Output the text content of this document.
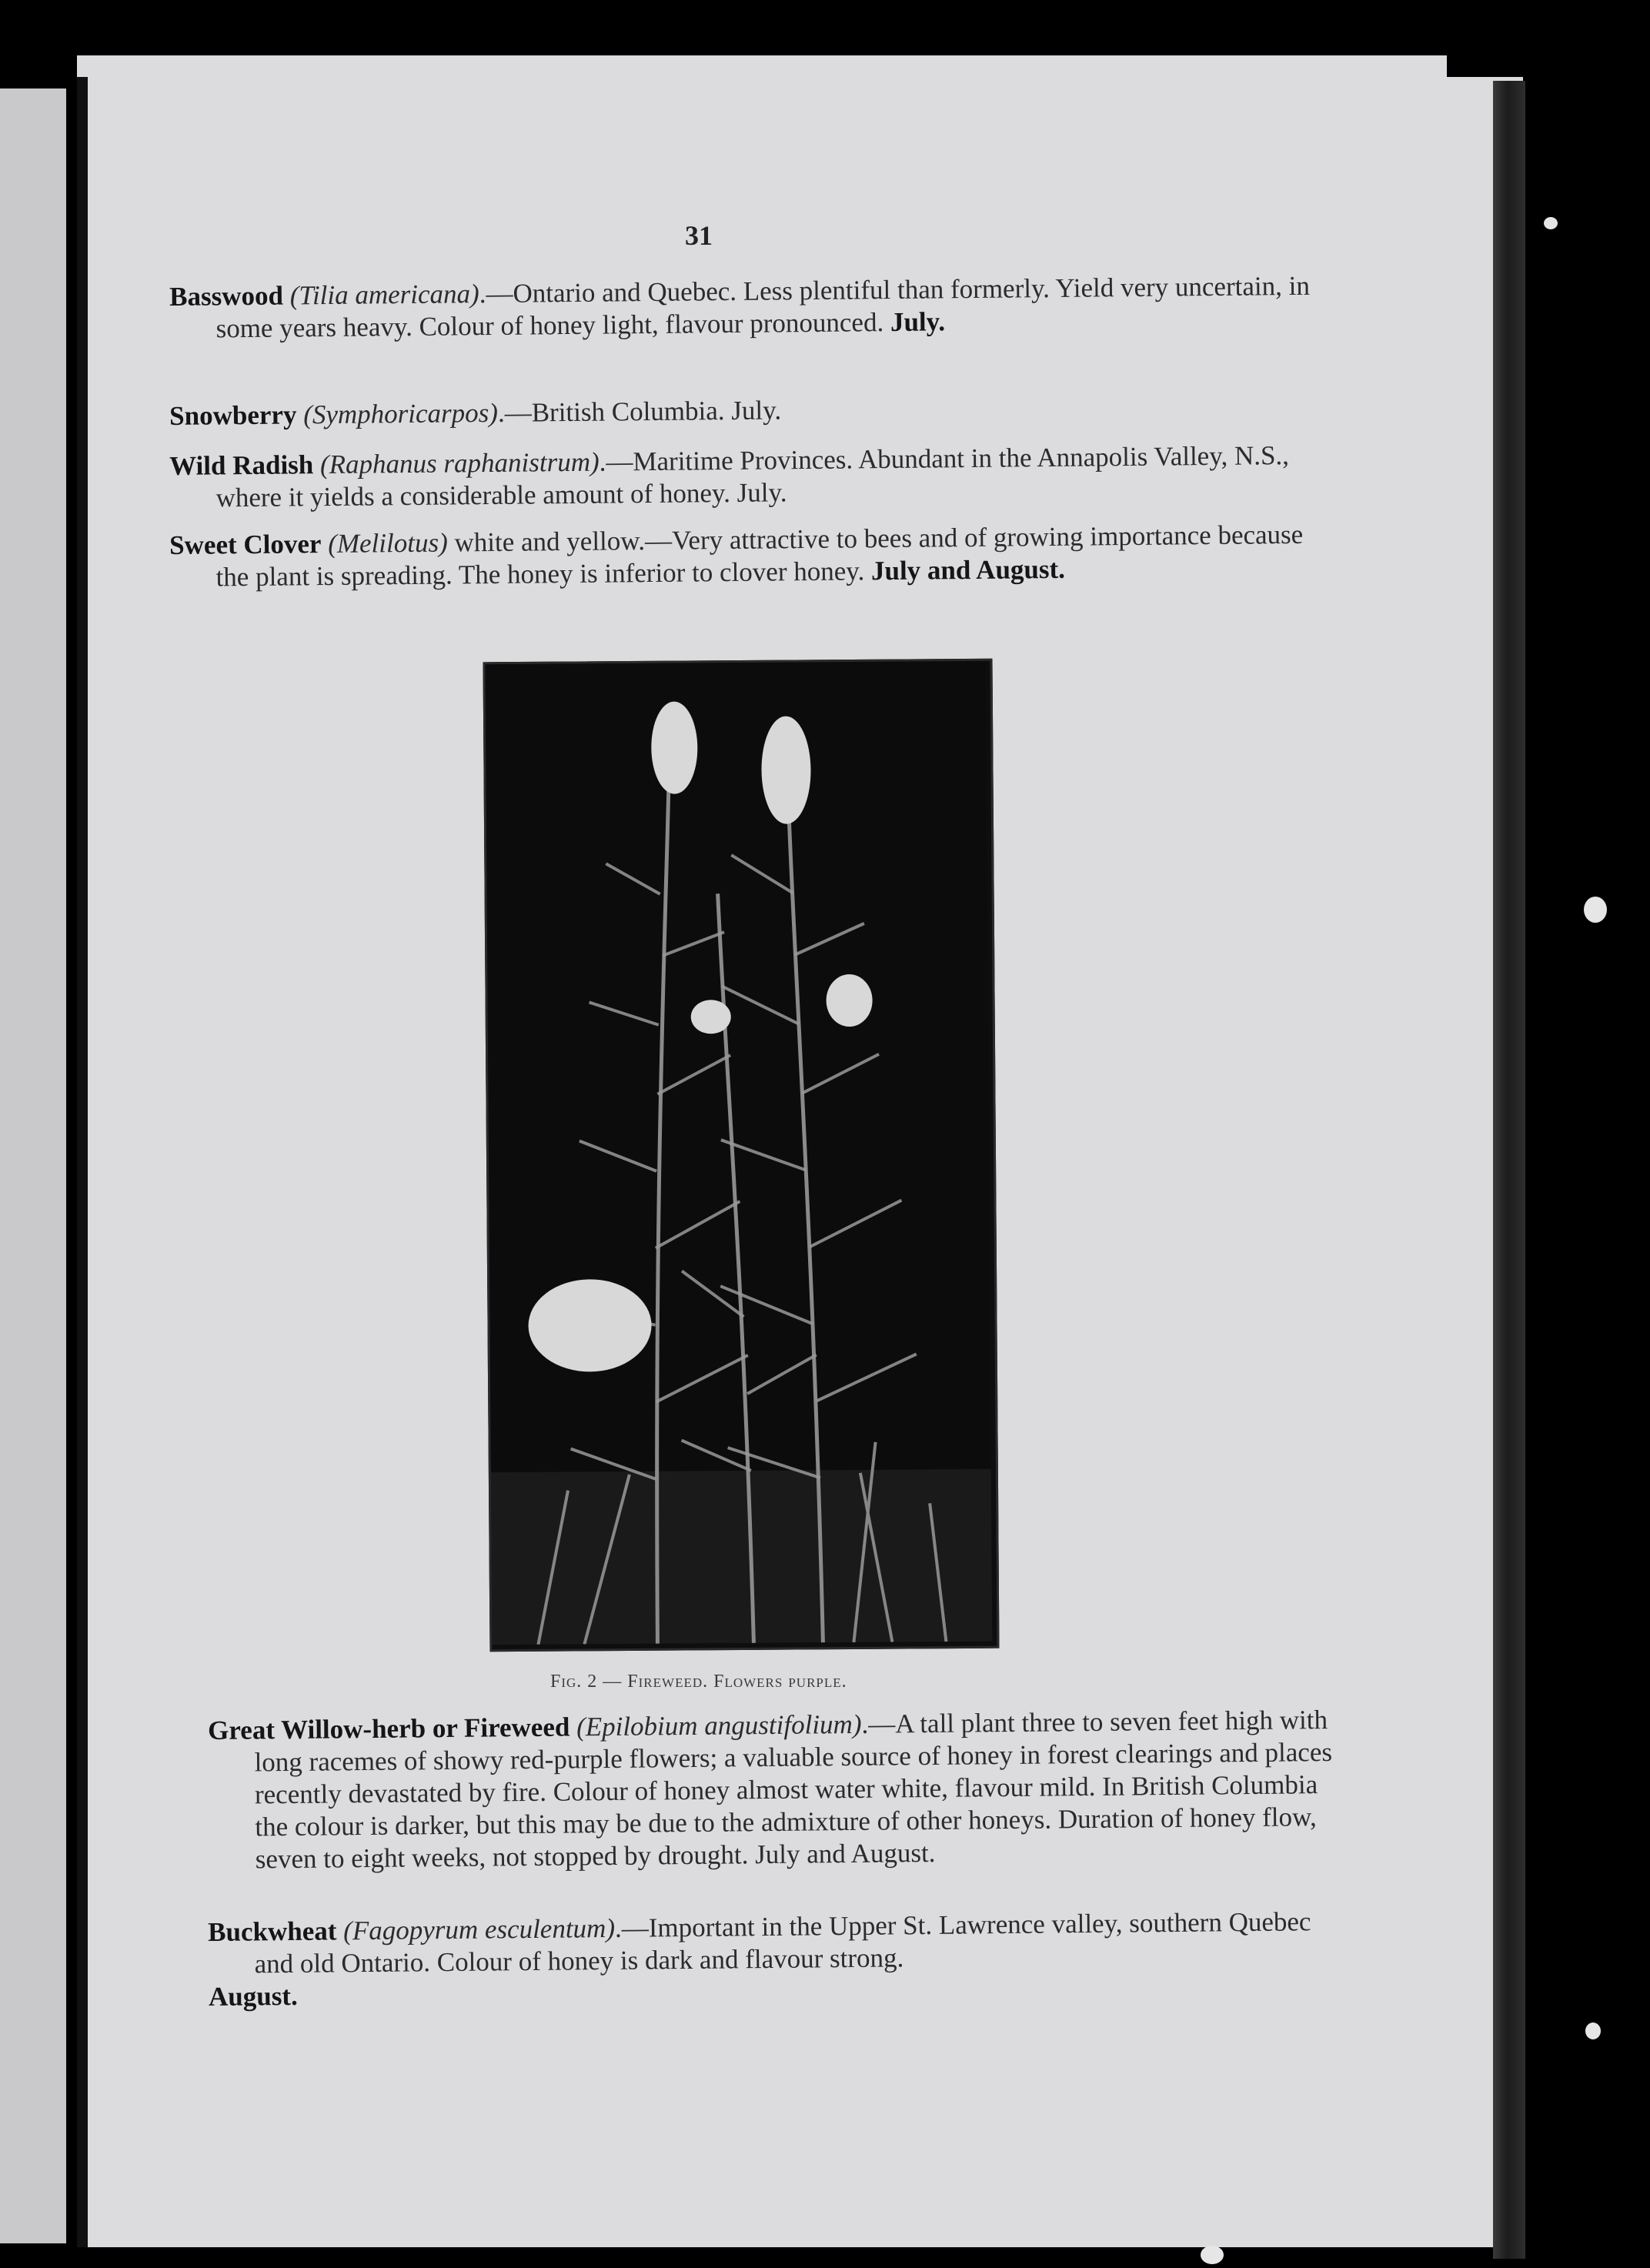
31

Basswood (Tilia americana).—Ontario and Quebec. Less plentiful than formerly. Yield very uncertain, in some years heavy. Colour of honey light, flavour pronounced. July.

Snowberry (Symphoricarpos).—British Columbia. July.

Wild Radish (Raphanus raphanistrum).—Maritime Provinces. Abundant in the Annapolis Valley, N.S., where it yields a considerable amount of honey. July.

Sweet Clover (Melilotus) white and yellow.—Very attractive to bees and of growing importance because the plant is spreading. The honey is inferior to clover honey. July and August.

Fig. 2 — Fireweed. Flowers purple.

Great Willow-herb or Fireweed (Epilobium angustifolium).—A tall plant three to seven feet high with long racemes of showy red-purple flowers; a valuable source of honey in forest clearings and places recently devastated by fire. Colour of honey almost water white, flavour mild. In British Columbia the colour is darker, but this may be due to the admixture of other honeys. Duration of honey flow, seven to eight weeks, not stopped by drought. July and August.

Buckwheat (Fagopyrum esculentum).—Important in the Upper St. Lawrence valley, southern Quebec and old Ontario. Colour of honey is dark and flavour strong.
August.
